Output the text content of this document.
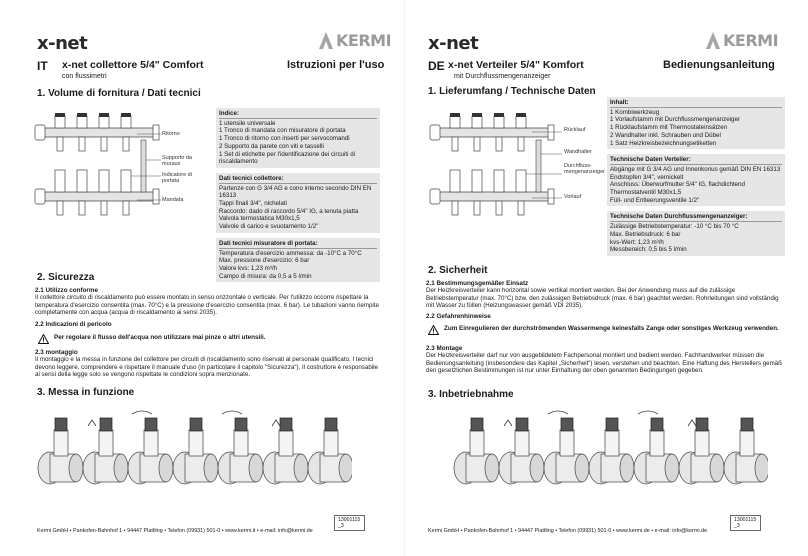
x-net	KERMI
IT x-net collettore 5/4" Comfort
con flussimetri
Istruzioni per l'uso
1. Volume di fornitura / Dati tecnici
Ritorno
Supporto da muraux
Indicatore di portata
Mandata
Indice:
1 utensile universale
1 Tronco di mandata con misuratore di portata
1 Tronco di ritorno con inserti per servocomandi
2 Supporto da parete con viti e tasselli
1 Set di etichette per l'identificazione dei circuiti di riscaldamento
Dati tecnici collettore:
Partenze con G 3/4 AG e cono interno secondo DIN EN 16313
Tappi finali 3/4", nichelati
Raccordo: dado di raccordo 5/4" IG, a tenuta piatta
Valvola termostatica M30x1,5
Valvole di carico e svuotamento 1/2"
Dati tecnici misuratore di portata:
Temperatura d'esercizio ammessa: da -10°C a 70°C
Max. pressione d'esercizio: 6 bar
Valore kvs: 1,23 m³/h
Campo di misura: da 0,5 a 5 l/min
2. Sicurezza
2.1 Utilizzo conforme
Il collettore circuito di riscaldamento può essere montato in senso orizzontale o verticale. Per l'utilizzo occorre rispettare la temperatura d'esercizio consentita (max. 70°C) e la pressione d'esercizio consentita (max. 6 bar). Le tubazioni vanno riempite completamente con acqua (acqua di riscaldamento ai sensi 2035).
2.2 Indicazioni di pericolo
Per regolare il flusso dell'acqua non utilizzare mai pinze o altri utensili.
2.3 montaggio
Il montaggio e la messa in funzione del collettore per circuiti di riscaldamento sono riservati al personale qualificato. I tecnici devono leggere, comprendere e rispettare il manuale d'uso (in particolare il capitolo "Sicurezza"). Il costruttore è responsabile ai sensi della legge solo se vengono rispettate le condizioni sopra menzionate.
3. Messa in funzione
13001115 _3
Kermi GmbH • Pankofen-Bahnhof 1 • 94447 Plattling • Telefon (09931) 501-0 • www.kermi.it • e-mail: info@kermi.de
x-net	KERMI
DE x-net Verteiler 5/4" Komfort
mit Durchflussmengenanzeiger
Bedienungsanleitung
1. Lieferumfang / Technische Daten
Rücklauf
Wandhalter
Durchfluss-mengenanzeiger
Vorlauf
Inhalt:
1 Kombiwerkzeug
1 Vorlaufstamm mit Durchflussmengenanzeiger
1 Rücklaufstamm mit Thermostateinsätzen
2 Wandhalter inkl. Schrauben und Dübel
1 Satz Heizkreisbezeichnungsetiketten
Technische Daten Verteiler:
Abgänge mit G 3/4 AG und Innenkonus gemäß DIN EN 16313
Endstopfen 3/4", vernickelt
Anschluss: Überwurfmutter 5/4" IG, flachdichtend
Thermostatventil M30x1,5
Füll- und Entleerungsventile 1/2"
Technische Daten Durchflussmengenanzeiger:
Zulässige Betriebstemperatur: -10 °C bis 70 °C
Max. Betriebsdruck: 6 bar
kvs-Wert: 1,23 m³/h
Messbereich: 0,5 bis 5 l/min
2. Sicherheit
2.1 Bestimmungsgemäßer Einsatz
Der Heizkreisverteiler kann horizontal sowie vertikal montiert werden. Bei der Anwendung muss auf die zulässige Betriebstemperatur (max. 70°C) bzw. den zulässigen Betriebsdruck (max. 6 bar) geachtet werden. Rohrleitungen sind vollständig mit Wasser zu füllen (Heizungswasser gemäß VDI 2035).
2.2 Gefahrenhinweise
Zum Einregulieren der durchströmenden Wassermenge keinesfalls Zange oder sonstiges Werkzeug verwenden.
2.3 Montage
Der Heizkreisverteiler darf nur von ausgebildetem Fachpersonal montiert und bedient werden. Fachhandwerker müssen die Bedienungsanleitung (insbesondere das Kapitel „Sicherheit“) lesen, verstehen und beachten. Eine Haftung des Herstellers gemäß den gesetzlichen Bestimmungen ist nur unter Einhaltung der oben genannten Bedingungen gegeben.
3. Inbetriebnahme
13001115 _3
Kermi GmbH • Pankofen-Bahnhof 1 • 94447 Plattling • Telefon (09931) 501-0 • www.kermi.de • e-mail: info@kermi.de
